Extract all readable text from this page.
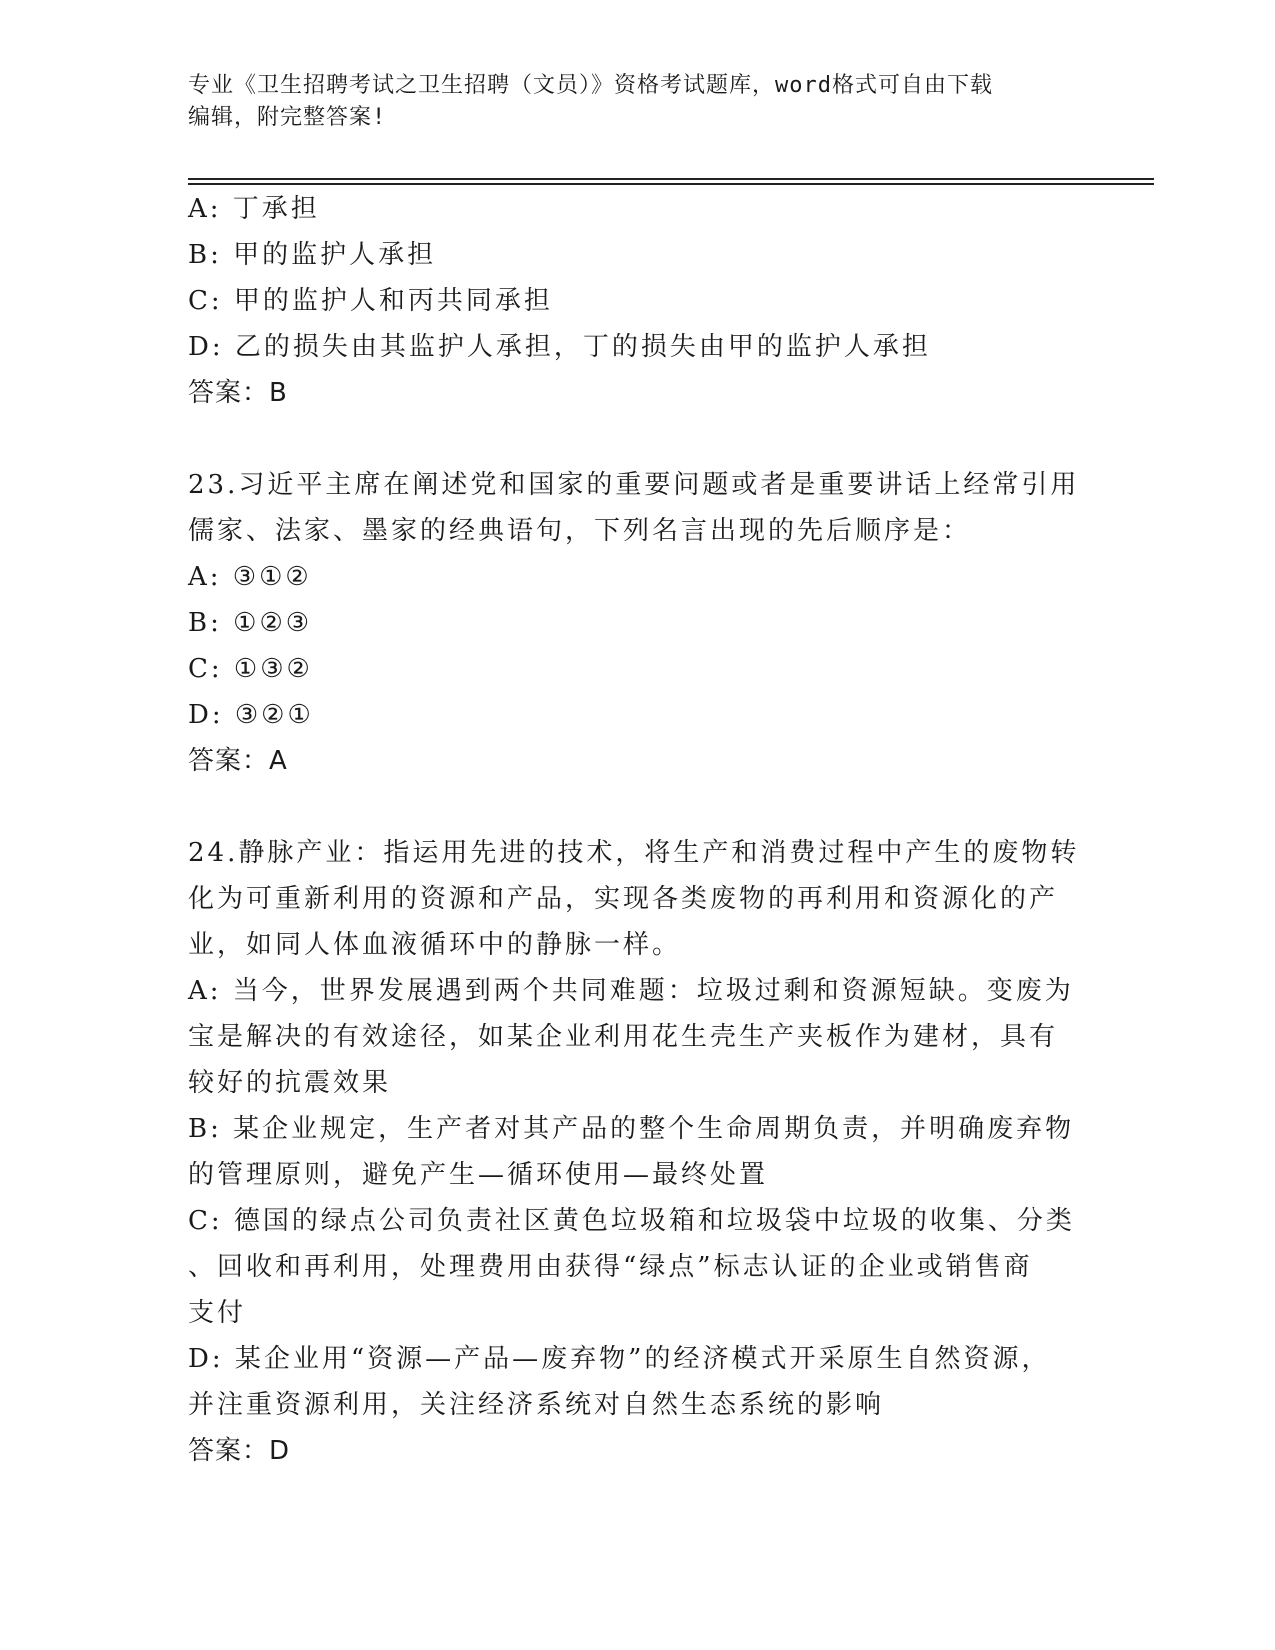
专业《卫生招聘考试之卫生招聘（文员）》资格考试题库，word格式可自由下载
编辑，附完整答案!
A: 丁承担
B: 甲的监护人承担
C: 甲的监护人和丙共同承担
D: 乙的损失由其监护人承担，丁的损失由甲的监护人承担
答案：B
23.习近平主席在阐述党和国家的重要问题或者是重要讲话上经常引用
儒家、法家、墨家的经典语句，下列名言出现的先后顺序是：
A: ③①②
B: ①②③
C: ①③②
D: ③②①
答案：A
24.静脉产业：指运用先进的技术，将生产和消费过程中产生的废物转
化为可重新利用的资源和产品，实现各类废物的再利用和资源化的产
业，如同人体血液循环中的静脉一样。
A: 当今，世界发展遇到两个共同难题：垃圾过剩和资源短缺。变废为
宝是解决的有效途径，如某企业利用花生壳生产夹板作为建材，具有
较好的抗震效果
B: 某企业规定，生产者对其产品的整个生命周期负责，并明确废弃物
的管理原则，避免产生—循环使用—最终处置
C: 德国的绿点公司负责社区黄色垃圾箱和垃圾袋中垃圾的收集、分类
、回收和再利用，处理费用由获得“绿点”标志认证的企业或销售商
支付
D: 某企业用“资源—产品—废弃物”的经济模式开采原生自然资源，
并注重资源利用，关注经济系统对自然生态系统的影响
答案：D
